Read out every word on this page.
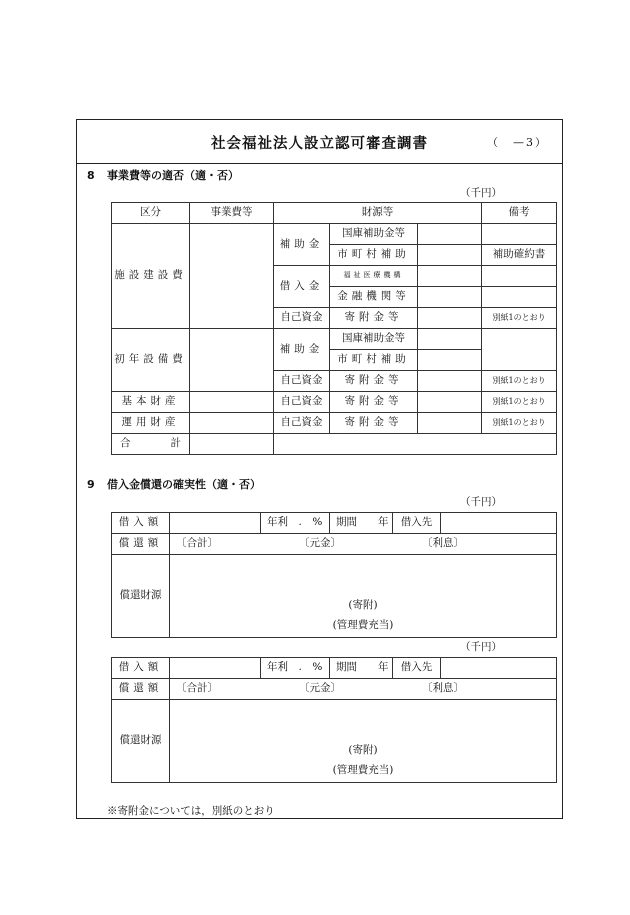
社会福祉法人設立認可審査調書	（　—3）
8 事業費等の適否（適・否）
（千円）
区分	事業費等	財源等			備考
施設建設費		補助金	国庫補助金等		
			市町村補助		補助確約書
		借入金	福祉医療機構		
			金融機関等		
		自己資金	寄附金等		別紙1のとおり
初年設備費		補助金	国庫補助金等		
			市町村補助		
		自己資金	寄附金等		別紙1のとおり
基本財産		自己資金	寄附金等		別紙1のとおり
運用財産		自己資金	寄附金等		別紙1のとおり

合 計					

9 借入金償還の確実性（適・否）
（千円）
借入額		年利　.　%	期間　　年	借入先	
償還額	〔合計〕 〔元金〕 〔利息〕				

償還財源	(寄附)
(管理費充当)				
（千円）
借入額		年利　.　%	期間　　年	借入先	
償還額	〔合計〕 〔元金〕 〔利息〕				

償還財源	(寄附)
(管理費充当)				
※寄附金については，別紙のとおり
